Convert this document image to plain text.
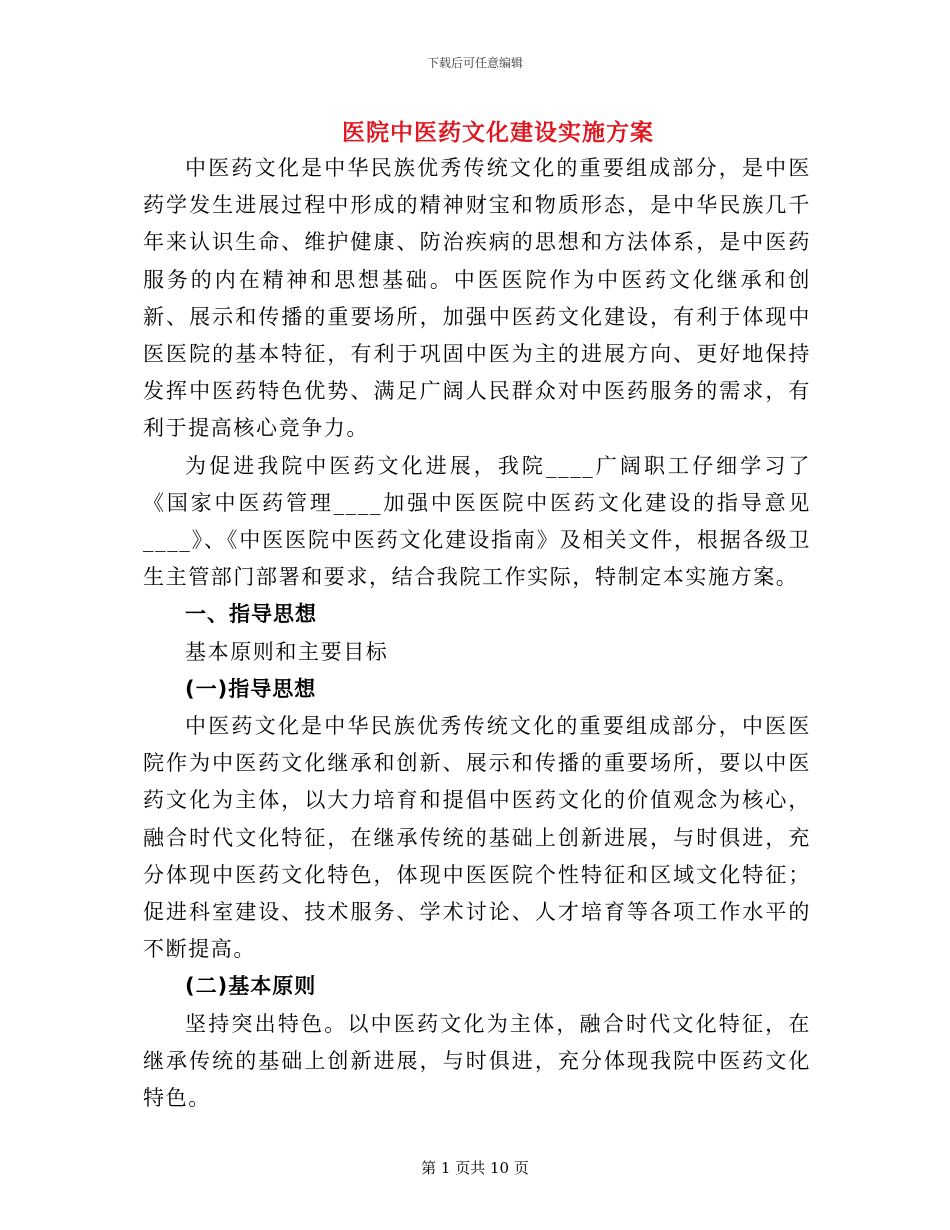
下载后可任意编辑
医院中医药文化建设实施方案

中医药文化是中华民族优秀传统文化的重要组成部分，是中医药学发生进展过程中形成的精神财宝和物质形态，是中华民族几千年来认识生命、维护健康、防治疾病的思想和方法体系，是中医药服务的内在精神和思想基础。中医医院作为中医药文化继承和创新、展示和传播的重要场所，加强中医药文化建设，有利于体现中医医院的基本特征，有利于巩固中医为主的进展方向、更好地保持发挥中医药特色优势、满足广阔人民群众对中医药服务的需求，有利于提高核心竞争力。

为促进我院中医药文化进展，我院____广阔职工仔细学习了《国家中医药管理____加强中医医院中医药文化建设的指导意见____》、《中医医院中医药文化建设指南》及相关文件，根据各级卫生主管部门部署和要求，结合我院工作实际，特制定本实施方案。

一、指导思想

基本原则和主要目标

(一)指导思想

中医药文化是中华民族优秀传统文化的重要组成部分，中医医院作为中医药文化继承和创新、展示和传播的重要场所，要以中医药文化为主体，以大力培育和提倡中医药文化的价值观念为核心，融合时代文化特征，在继承传统的基础上创新进展，与时俱进，充分体现中医药文化特色，体现中医医院个性特征和区域文化特征；促进科室建设、技术服务、学术讨论、人才培育等各项工作水平的不断提高。

(二)基本原则

坚持突出特色。以中医药文化为主体，融合时代文化特征，在继承传统的基础上创新进展，与时俱进，充分体现我院中医药文化特色。

第 1 页共 10 页
